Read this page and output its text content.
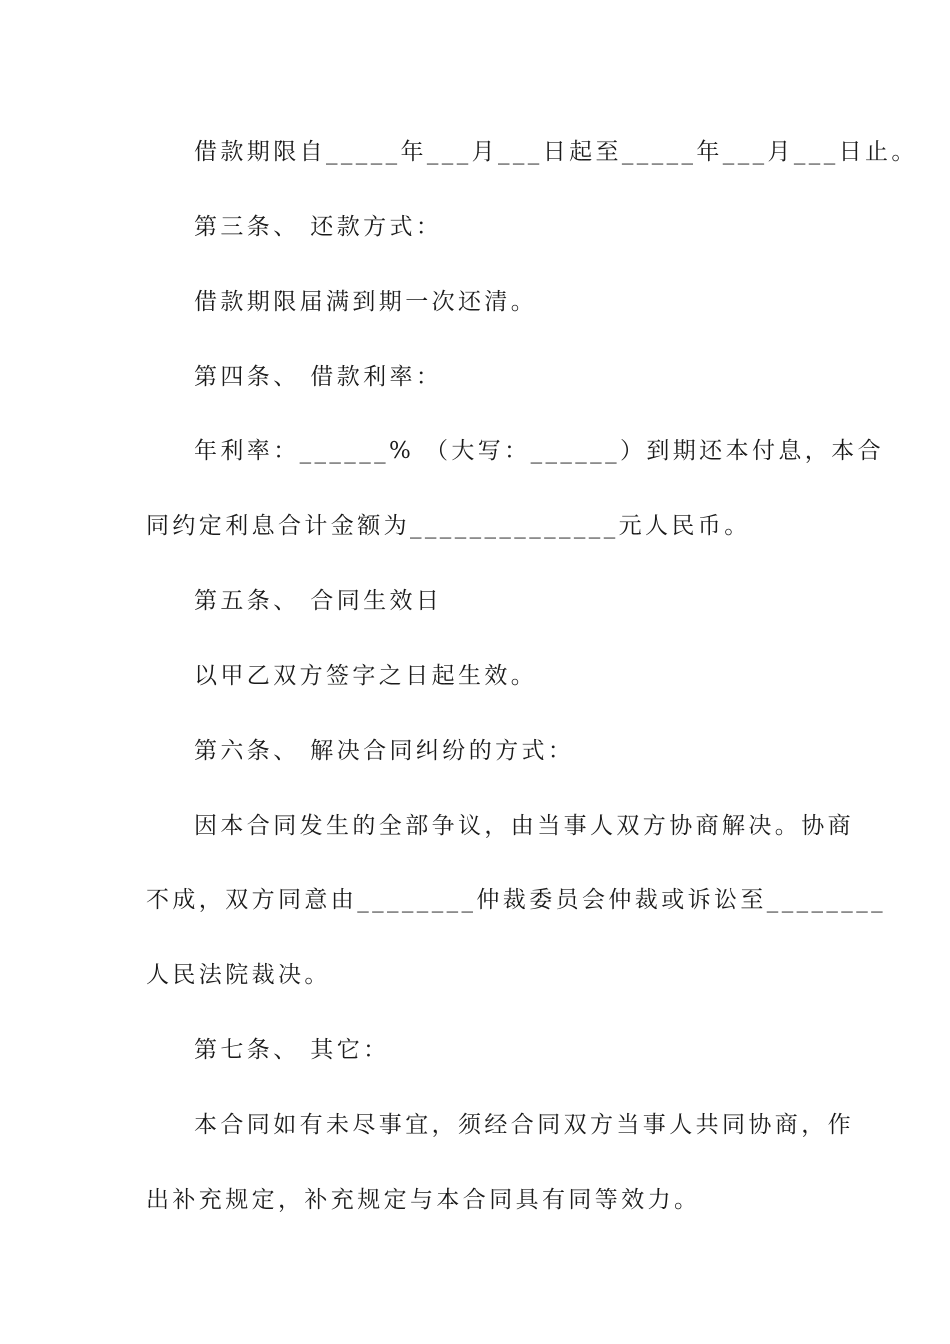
借款期限自_____年___月___日起至_____年___月___日止。
第三条、 还款方式：
借款期限届满到期一次还清。
第四条、 借款利率：
年利率：______% （大写：______）到期还本付息，本合
同约定利息合计金额为______________元人民币。
第五条、 合同生效日
以甲乙双方签字之日起生效。
第六条、 解决合同纠纷的方式：
因本合同发生的全部争议，由当事人双方协商解决。协商
不成，双方同意由________仲裁委员会仲裁或诉讼至________
人民法院裁决。
第七条、 其它：
本合同如有未尽事宜，须经合同双方当事人共同协商，作
出补充规定，补充规定与本合同具有同等效力。
